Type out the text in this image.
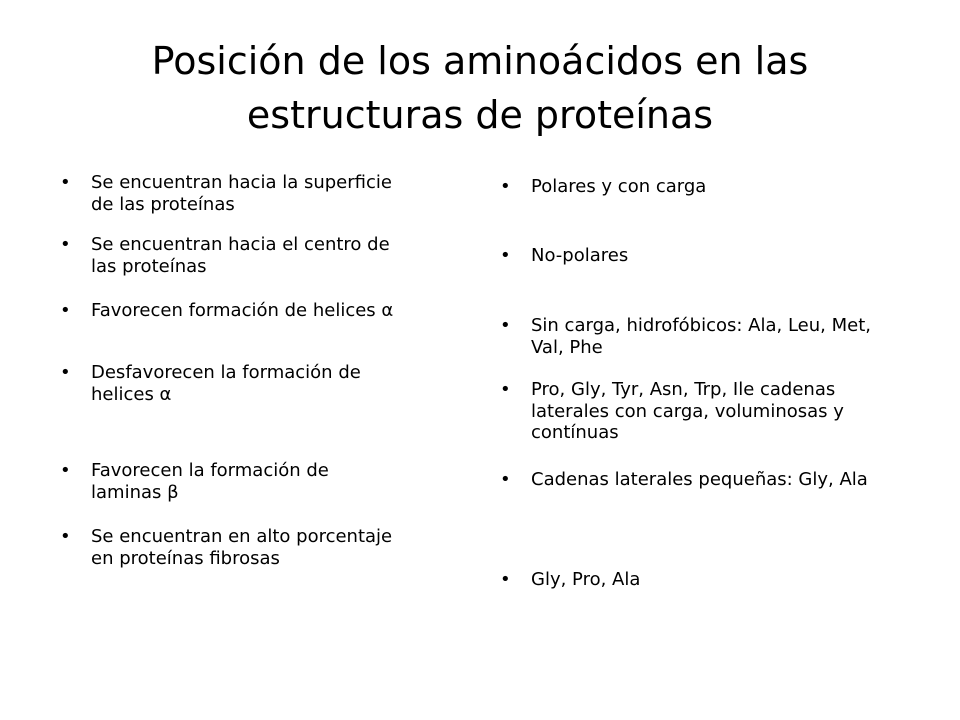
Posición de los aminoácidos en las estructuras de proteínas
•	Se encuentran hacia la superficie de las proteínas
•	Se encuentran hacia el centro de las proteínas
•	Favorecen formación de helices α
•	Desfavorecen la formación de helices α
•	Favorecen la formación de laminas β
•	Se encuentran en alto porcentaje en proteínas fibrosas
•	Polares y con carga
•	No-polares
•	Sin carga, hidrofóbicos: Ala, Leu, Met, Val, Phe
•	Pro, Gly, Tyr, Asn, Trp, Ile cadenas laterales con carga, voluminosas y contínuas
•	Cadenas laterales pequeñas: Gly, Ala
•	Gly, Pro, Ala
